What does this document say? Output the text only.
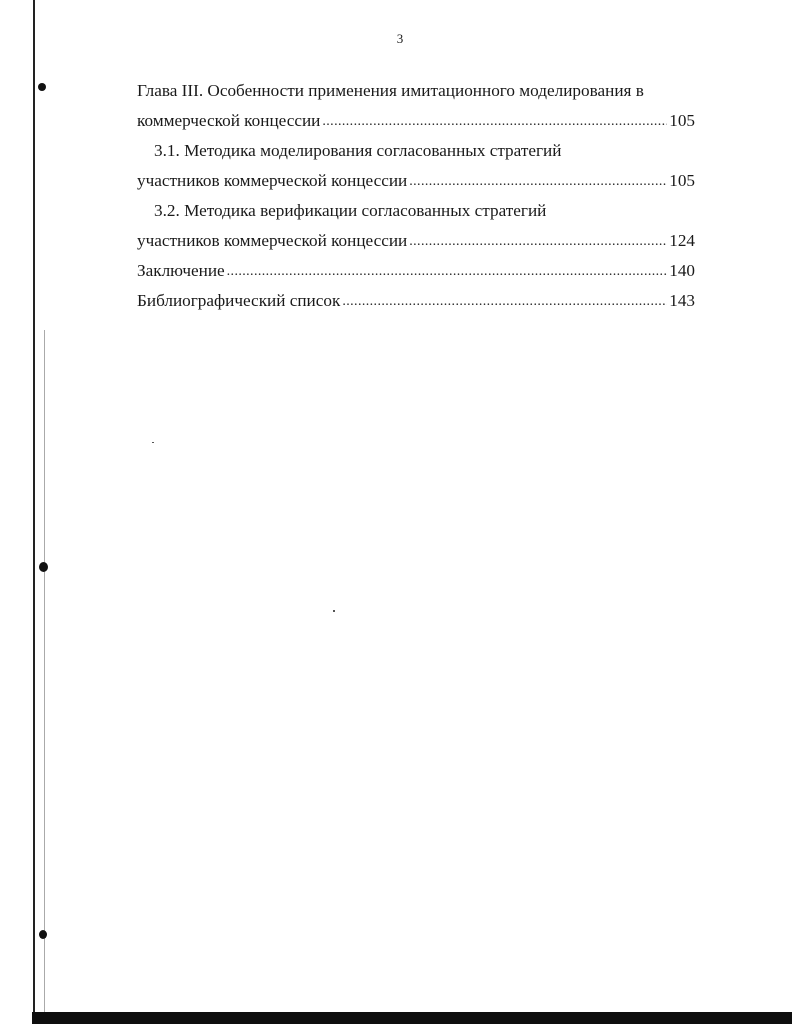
3
Глава III. Особенности применения имитационного моделирования в
коммерческой концессии .....	105
3.1. Методика моделирования согласованных стратегий
участников коммерческой концессии .....	105
3.2. Методика верификации согласованных стратегий
участников коммерческой концессии .....	124
Заключение .....	140
Библиографический список .....	143
